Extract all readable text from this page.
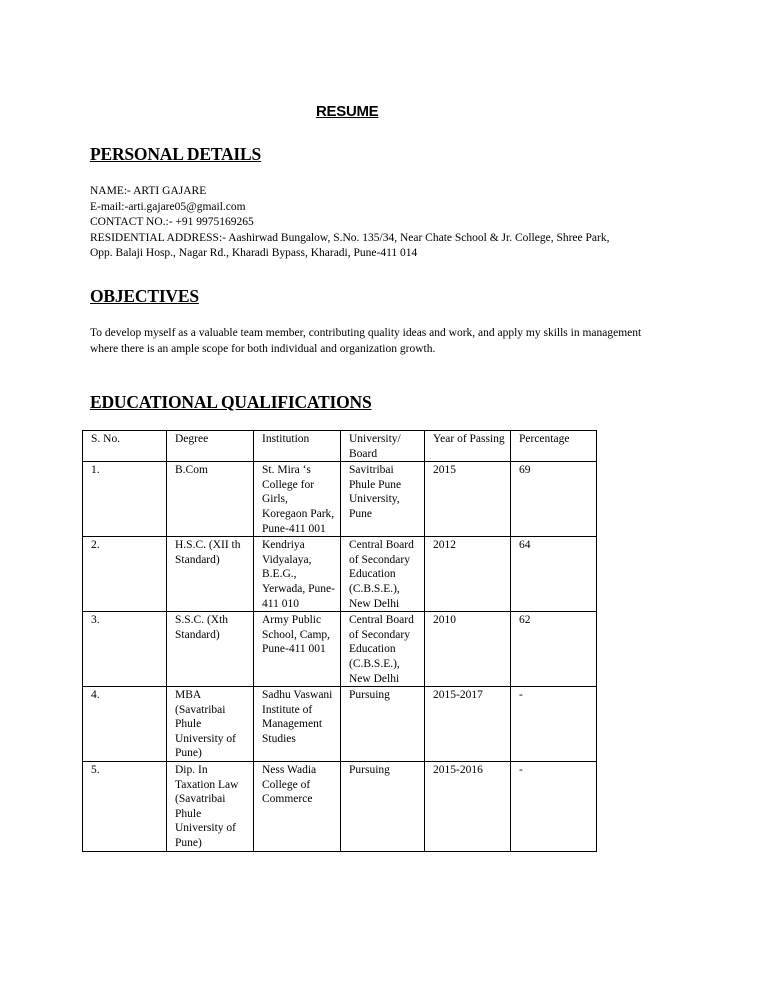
RESUME
PERSONAL DETAILS
NAME:- ARTI GAJARE
E-mail:-arti.gajare05@gmail.com
CONTACT NO.:- +91 9975169265
RESIDENTIAL ADDRESS:- Aashirwad Bungalow, S.No. 135/34, Near Chate School & Jr. College, Shree Park,
Opp. Balaji Hosp., Nagar Rd., Kharadi Bypass, Kharadi, Pune-411 014
OBJECTIVES

To develop myself as a valuable team member, contributing quality ideas and work, and apply my skills in management where there is an ample scope for both individual and organization growth.

EDUCATIONAL QUALIFICATIONS
S. No.	Degree	Institution	University/ Board	Year of Passing	Percentage
1.	B.Com	St. Mira ‘s College for Girls, Koregaon Park, Pune-411 001	Savitribai Phule Pune University, Pune	2015	69
2.	H.S.C. (XII th Standard)	Kendriya Vidyalaya, B.E.G., Yerwada, Pune- 411 010	Central Board of Secondary Education (C.B.S.E.), New Delhi	2012	64
3.	S.S.C. (Xth Standard)	Army Public School, Camp, Pune-411 001	Central Board of Secondary Education (C.B.S.E.), New Delhi	2010	62
4.	MBA (Savatribai Phule University of Pune)	Sadhu Vaswani Institute of Management Studies	Pursuing	2015-2017	-
5.	Dip. In Taxation Law (Savatribai Phule University of Pune)	Ness Wadia College of Commerce	Pursuing	2015-2016	-
